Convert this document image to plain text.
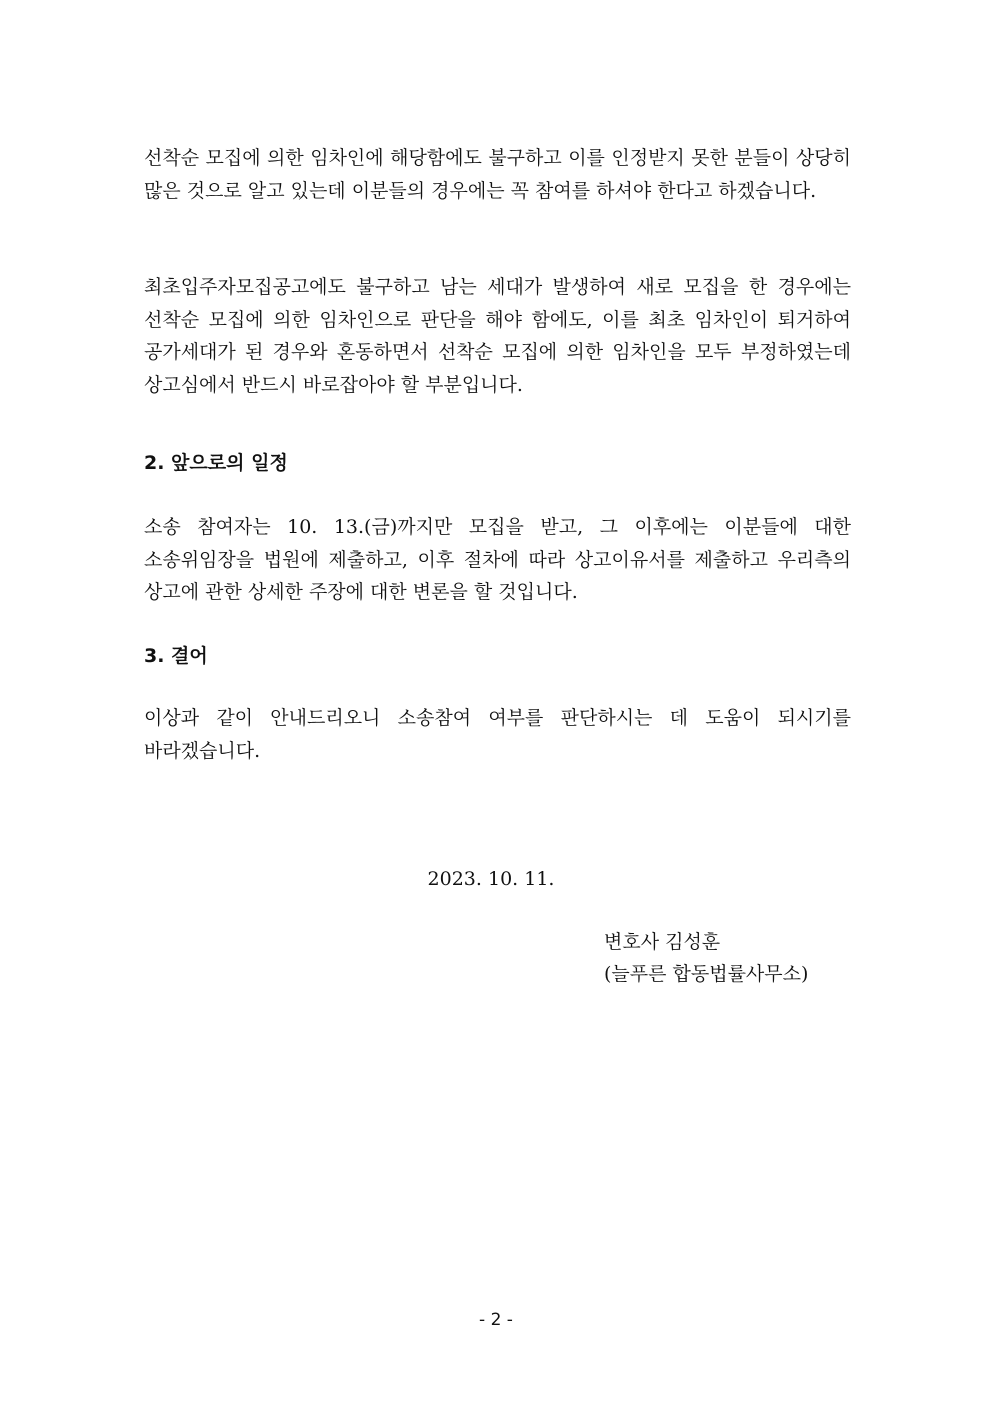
선착순 모집에 의한 임차인에 해당함에도 불구하고 이를 인정받지 못한 분들이 상당히 많은 것으로 알고 있는데 이분들의 경우에는 꼭 참여를 하셔야 한다고 하겠습니다.

최초입주자모집공고에도 불구하고 남는 세대가 발생하여 새로 모집을 한 경우에는 선착순 모집에 의한 임차인으로 판단을 해야 함에도, 이를 최초 임차인이 퇴거하여 공가세대가 된 경우와 혼동하면서 선착순 모집에 의한 임차인을 모두 부정하였는데 상고심에서 반드시 바로잡아야 할 부분입니다.

2. 앞으로의 일정

소송 참여자는 10. 13.(금)까지만 모집을 받고, 그 이후에는 이분들에 대한 소송위임장을 법원에 제출하고, 이후 절차에 따라 상고이유서를 제출하고 우리측의 상고에 관한 상세한 주장에 대한 변론을 할 것입니다.

3. 결어

이상과 같이 안내드리오니 소송참여 여부를 판단하시는 데 도움이 되시기를 바라겠습니다.

2023. 10. 11.
변호사 김성훈
(늘푸른 합동법률사무소)
- 2 -
